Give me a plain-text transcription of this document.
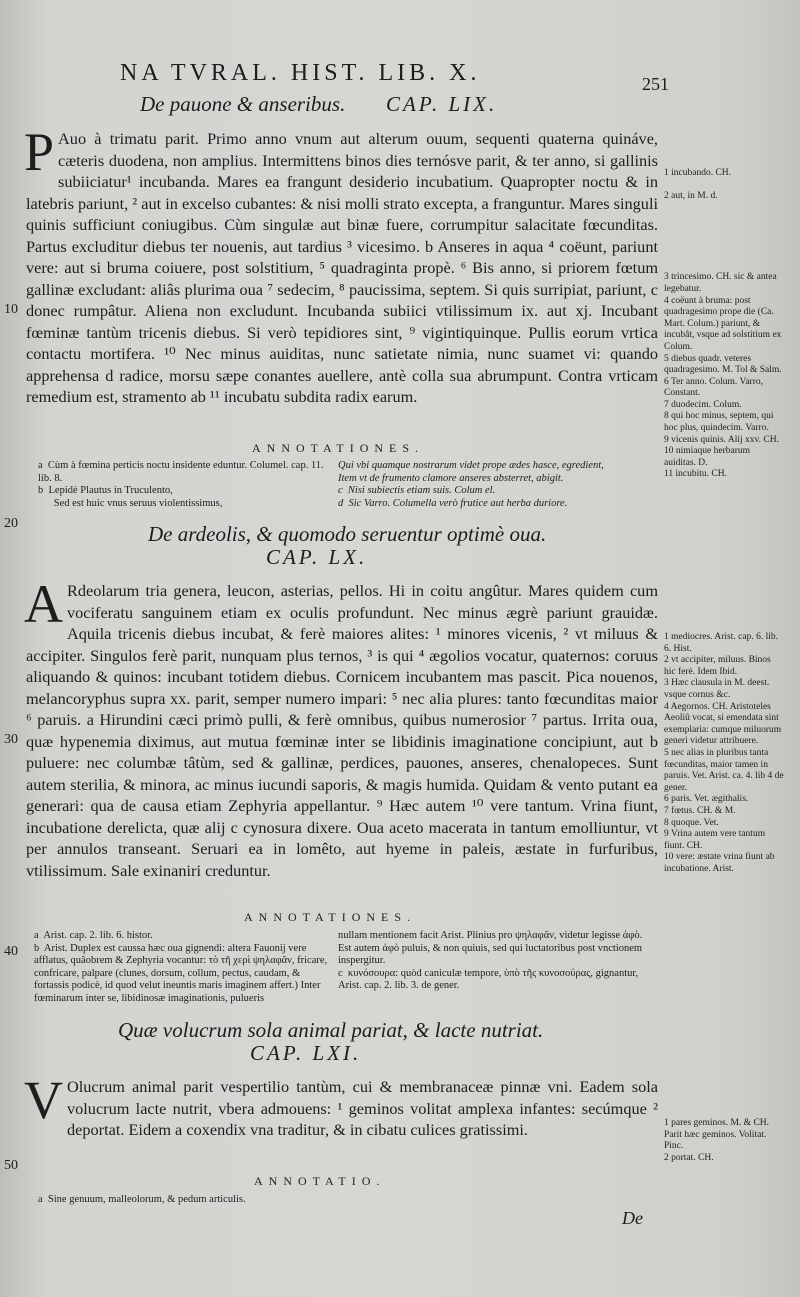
NA TVRAL. HIST. LIB. X.	251
De pauone & anseribus. CAP. LIX.
P Auo à trimatu parit. Primo anno vnum aut alterum ouum, sequenti quaterna quináve, cæteris duodena, non amplius. Intermittens binos dies ternósve parit, & ter anno, si gallinis subiiciatur¹ incubanda. Mares ea frangunt desiderio incubatium. Quapropter noctu & in latebris pariunt, ² aut in excelso cubantes: & nisi molli strato excepta, a franguntur. Mares singuli quinis sufficiunt coniugibus. Cùm singulæ aut binæ fuere, corrumpitur salacitate fœcunditas. Partus excluditur diebus ter nouenis, aut tardius ³ vicesimo. b Anseres in aqua ⁴ coëunt, pariunt vere: aut si bruma coiuere, post solstitium, ⁵ quadraginta propè. ⁶ Bis anno, si priorem fœtum gallinæ excludant: aliâs plurima oua ⁷ sedecim, ⁸ paucissima, septem. Si quis surripiat, pariunt, c donec rumpâtur. Aliena non excludunt. Incubanda subiici vtilissimum ix. aut xj. Incubant fœminæ tantùm tricenis diebus. Si verò tepidiores sint, ⁹ vigintiquinque. Pullis eorum vrtica contactu mortifera. ¹⁰ Nec minus auiditas, nunc satietate nimia, nunc suamet vi: quando apprehensa d radice, morsu sæpe conantes auellere, antè colla sua abrumpunt. Contra vrticam remedium est, stramento ab ¹¹ incubatu subdita radix earum.
ANNOTATIONES.
a  Cùm à fœmina perticis noctu insidente eduntur. Columel. cap. 11. lib. 8.
b  Lepidè Plautus in Truculento,
Sed est huic vnus seruus violentissimus,
Qui vbi quamque nostrarum videt prope ædes hasce, egredient,
Item vt de frumento clamore anseres absterret, abigit.
c  Nisi subiectis etiam suis. Colum el.
d  Sic Varro. Columella verò frutice aut herba duriore.
1 incubando. CH.

2 aut, in M. d.

3 trincesimo. CH. sic & antea legebatur.
4 coëunt à bruma: post quadragesimo prope die (Ca. Mart. Colum.) pariunt, & incubât, vsque ad solstitium ex Colum.
5 diebus quadr. veteres quadragesimo. M. Tol & Salm.
6 Ter anno. Colum. Varro, Constant.
7 duodecim. Colum.
8 qui hoc minus, septem, qui hoc plus, quindecim. Varro.
9 vicenis quinis. Alij xxv. CH.
10 nimiaque herbarum auiditas. D.
11 incubitu. CH.
De ardeolis, & quomodo seruentur optimè oua.
CAP. LX.
A Rdeolarum tria genera, leucon, asterias, pellos. Hi in coitu angûtur. Mares quidem cum vociferatu sanguinem etiam ex oculis profundunt. Nec minus ægrè pariunt grauidæ. Aquila tricenis diebus incubat, & ferè maiores alites: ¹ minores vicenis, ² vt miluus & accipiter. Singulos ferè parit, nunquam plus ternos, ³ is qui ⁴ ægolios vocatur, quaternos: coruus aliquando & quinos: incubant totidem diebus. Cornicem incubantem mas pascit. Pica nouenos, melancoryphus supra xx. parit, semper numero impari: ⁵ nec alia plures: tanto fœcunditas maior ⁶ paruis. a Hirundini cæci primò pulli, & ferè omnibus, quibus numerosior ⁷ partus. Irrita oua, quæ hypenemia diximus, aut mutua fœminæ inter se libidinis imaginatione concipiunt, aut b puluere: nec columbæ tâtùm, sed & gallinæ, perdices, pauones, anseres, chenalopeces. Sunt autem sterilia, & minora, ac minus iucundi saporis, & magis humida. Quidam & vento putant ea generari: qua de causa etiam Zephyria appellantur. ⁹ Hæc autem ¹⁰ vere tantum. Vrina fiunt, incubatione derelicta, quæ alij c cynosura dixere. Oua aceto macerata in tantum emolliuntur, vt per annulos transeant. Seruari ea in lomêto, aut hyeme in paleis, æstate in furfuribus, vtilissimum. Sale exinaniri creduntur.
ANNOTATIONES.
a  Arist. cap. 2. lib. 6. histor.
b  Arist. Duplex est caussa hæc oua gignendi: altera Fauonij vere afflatus, quâobrem & Zephyria vocantur: τὸ τῆ χερὶ ψηλαφᾶν, fricare, confricare, palpare (clunes, dorsum, collum, pectus, caudam, & fortassis podicè, id quod velut ineuntis maris imaginem affert.) Inter fœminarum inter se, libidinosæ imaginationis, pulueris
nullam mentionem facit Arist. Plinius pro ψηλαφᾶν, videtur legisse ἀφὸ. Est autem ἀφὸ puluis, & non quiuis, sed qui luctatoribus post vnctionem inspergitur.
c  κυνόσουρα: quòd caniculæ tempore, ὑπὸ τῆς κυνοσούρας, gignantur, Arist. cap. 2. lib. 3. de gener.
1 mediocres. Arist. cap. 6. lib. 6. Hist.
2 vt accipiter, miluus. Binos hic ferè. Idem Ibid.
3 Hæc clausula in M. deest. vsque cornus &c.
4 Aegornos. CH. Aristoteles Aeoliû vocat, si emendata sint exemplaria: cumque miluorum generi videtur attribuere.
5 nec alias in pluribus tanta fœcunditas, maior tamen in paruis. Vet. Arist. ca. 4. lib 4 de gener.
6 paris. Vet. ægithalis.
7 fœtus. CH. & M.
8 quoque. Vet.
9 Vrina autem vere tantum fiunt. CH.
10 vere: æstate vrina fiunt ab incubatione. Arist.
Quæ volucrum sola animal pariat, & lacte nutriat.
CAP. LXI.
V Olucrum animal parit vespertilio tantùm, cui & membranaceæ pinnæ vni. Eadem sola volucrum lacte nutrit, vbera admouens: ¹ geminos volitat amplexa infantes: secúmque ² deportat. Eidem a coxendix vna traditur, & in cibatu culices gratissimi.
ANNOTATIO.
a  Sine genuum, malleolorum, & pedum articulis.
1 pares geminos. M. & CH. Parit hæc geminos. Volitat. Pinc.
2 portat. CH.
10
20
30
40
50
De
